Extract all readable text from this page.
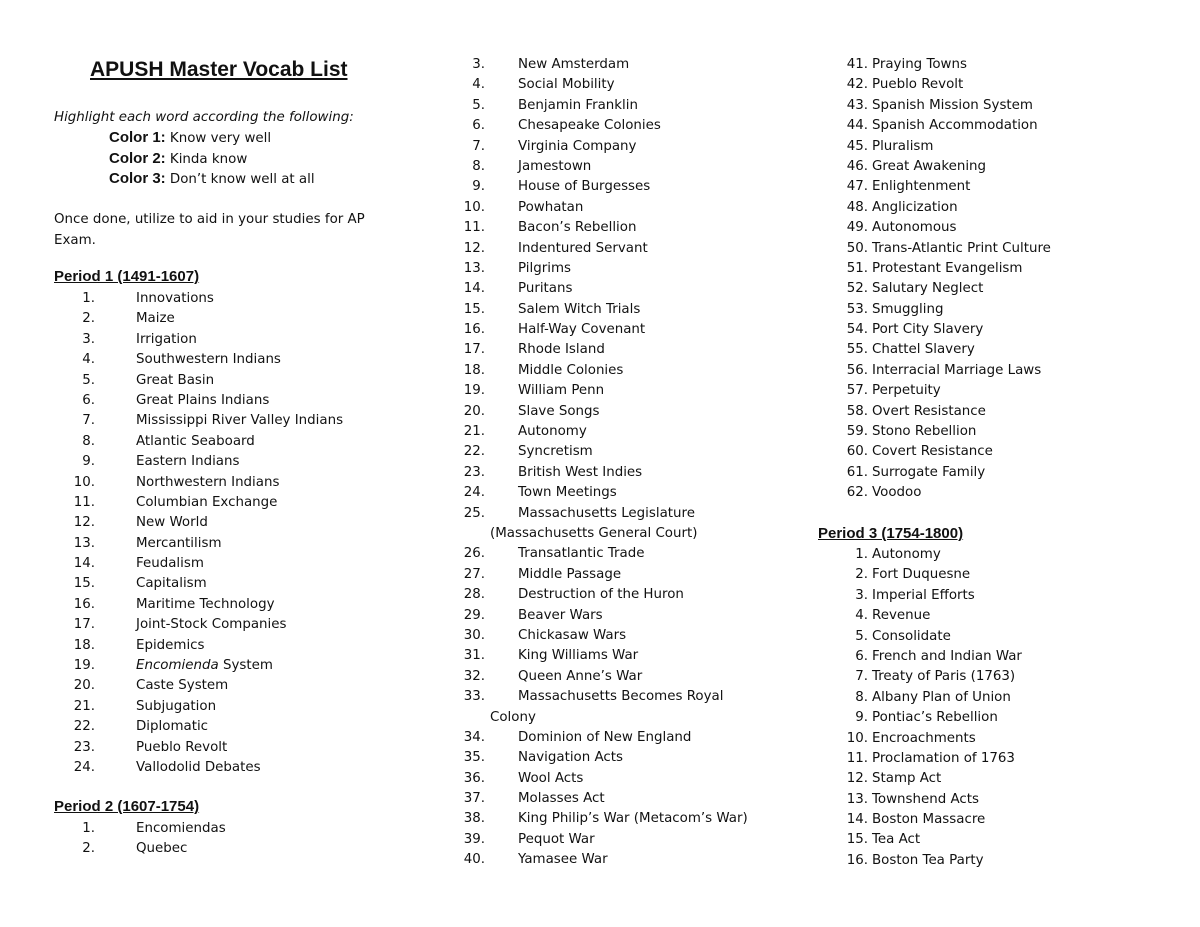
APUSH Master Vocab List
Highlight each word according the following:
Color 1: Know very well
Color 2: Kinda know
Color 3: Don’t know well at all
Once done, utilize to aid in your studies for AP
Exam.
Period 1 (1491-1607)
1.	Innovations
2.	Maize
3.	Irrigation
4.	Southwestern Indians
5.	Great Basin
6.	Great Plains Indians
7.	Mississippi River Valley Indians
8.	Atlantic Seaboard
9.	Eastern Indians
10.	Northwestern Indians
11.	Columbian Exchange
12.	New World
13.	Mercantilism
14.	Feudalism
15.	Capitalism
16.	Maritime Technology
17.	Joint-Stock Companies
18.	Epidemics
19.	Encomienda System
20.	Caste System
21.	Subjugation
22.	Diplomatic
23.	Pueblo Revolt
24.	Vallodolid Debates
Period 2 (1607-1754)
1.	Encomiendas
2.	Quebec
3. New Amsterdam
4. Social Mobility
5. Benjamin Franklin
6. Chesapeake Colonies
7. Virginia Company
8. Jamestown
9. House of Burgesses
10. Powhatan
11. Bacon’s Rebellion
12. Indentured Servant
13. Pilgrims
14. Puritans
15. Salem Witch Trials
16. Half-Way Covenant
17. Rhode Island
18. Middle Colonies
19. William Penn
20. Slave Songs
21. Autonomy
22. Syncretism
23. British West Indies
24. Town Meetings
25. Massachusetts Legislature
(Massachusetts General Court)
26. Transatlantic Trade
27. Middle Passage
28. Destruction of the Huron
29. Beaver Wars
30. Chickasaw Wars
31. King Williams War
32. Queen Anne’s War
33. Massachusetts Becomes Royal
Colony
34. Dominion of New England
35. Navigation Acts
36. Wool Acts
37. Molasses Act
38. King Philip’s War (Metacom’s War)
39. Pequot War
40. Yamasee War
41. Praying Towns
42. Pueblo Revolt
43. Spanish Mission System
44. Spanish Accommodation
45. Pluralism
46. Great Awakening
47. Enlightenment
48. Anglicization
49. Autonomous
50. Trans-Atlantic Print Culture
51. Protestant Evangelism
52. Salutary Neglect
53. Smuggling
54. Port City Slavery
55. Chattel Slavery
56. Interracial Marriage Laws
57. Perpetuity
58. Overt Resistance
59. Stono Rebellion
60. Covert Resistance
61. Surrogate Family
62. Voodoo
Period 3 (1754-1800)
1. Autonomy
2. Fort Duquesne
3. Imperial Efforts
4. Revenue
5. Consolidate
6. French and Indian War
7. Treaty of Paris (1763)
8. Albany Plan of Union
9. Pontiac’s Rebellion
10. Encroachments
11. Proclamation of 1763
12. Stamp Act
13. Townshend Acts
14. Boston Massacre
15. Tea Act
16. Boston Tea Party
